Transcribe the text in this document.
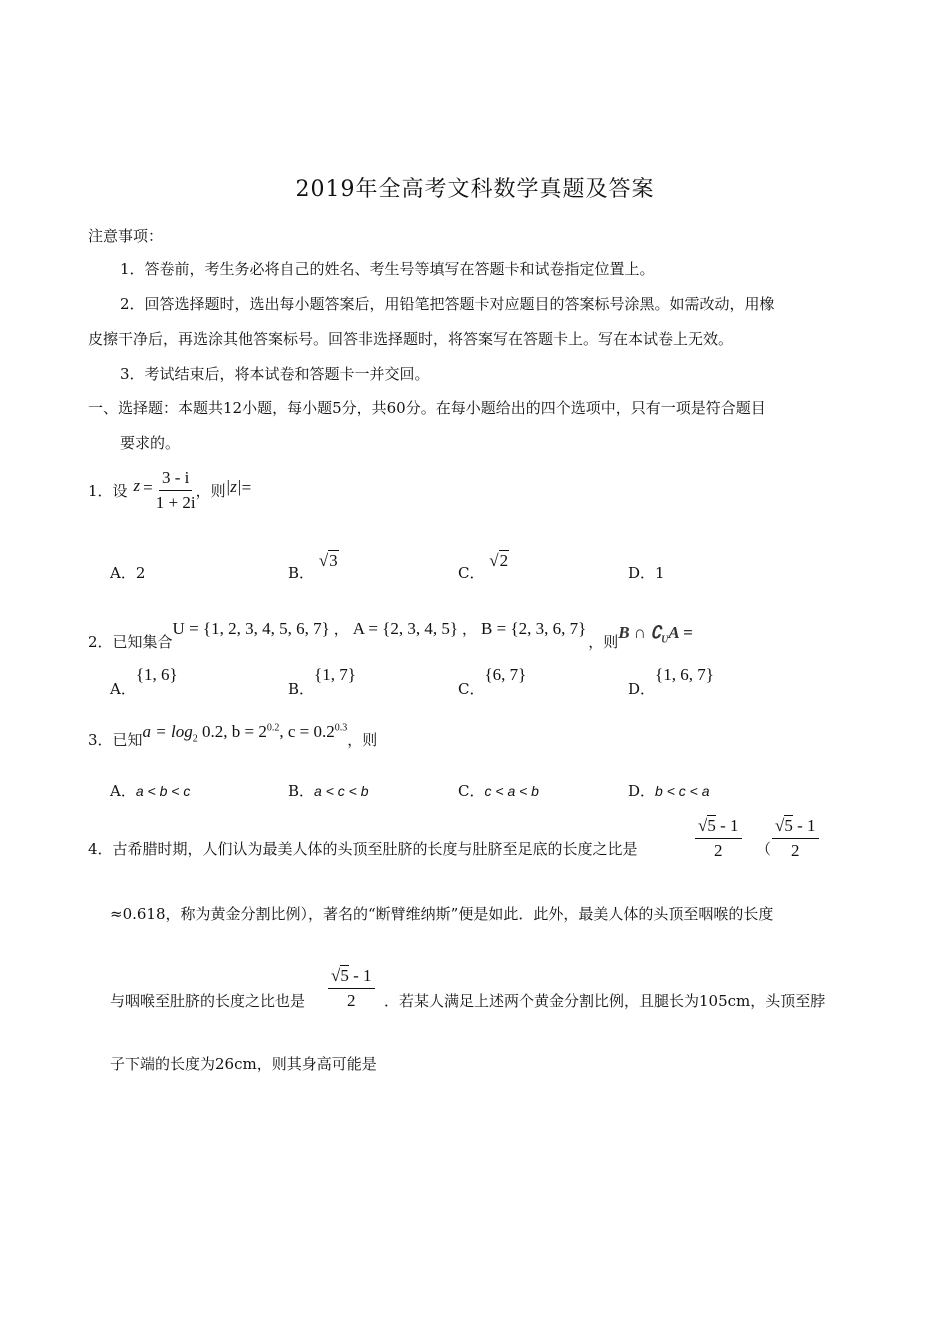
2019年全高考文科数学真题及答案
注意事项：
1．答卷前，考生务必将自己的姓名、考生号等填写在答题卡和试卷指定位置上。
2．回答选择题时，选出每小题答案后，用铅笔把答题卡对应题目的答案标号涂黑。如需改动，用橡
皮擦干净后，再选涂其他答案标号。回答非选择题时，将答案写在答题卡上。写在本试卷上无效。
3．考试结束后，将本试卷和答题卡一并交回。
一、选择题：本题共12小题，每小题5分，共60分。在每小题给出的四个选项中，只有一项是符合题目
要求的。
1．设 $z = \frac{3 - i}{1 + 2i}$ ，则 |z| =
A．2	B． √3
C． √2
D．1
2．已知集合
U = {1, 2, 3, 4, 5, 6, 7} ， A = {2, 3, 4, 5} ， B = {2, 3, 6, 7}
，则 B ∩ $∁_UA$ =
A．{1, 6}
B．{1, 7}
C．{6, 7}
D．{1, 6, 7}
3．已知 $a = \log_2 0.2$, $b = 2^{0.2}$, $c = 0.2^{0.3}$
，则
A．a < b < c	B．a < c < b	C．c < a < b	D．b < c < a
4．古希腊时期，人们认为最美人体的头顶至肚脐的长度与肚脐至足底的长度之比是	$\frac{√5 - 1}{2}$ （ $\frac{√5 - 1}{2}$
≈0.618，称为黄金分割比例），著名的“断臂维纳斯”便是如此．此外，最美人体的头顶至咽喉的长度
与咽喉至肚脐的长度之比也是 $\frac{√5 - 1}{2}$ ．若某人满足上述两个黄金分割比例，且腿长为105cm，头顶至脖
子下端的长度为26cm，则其身高可能是
